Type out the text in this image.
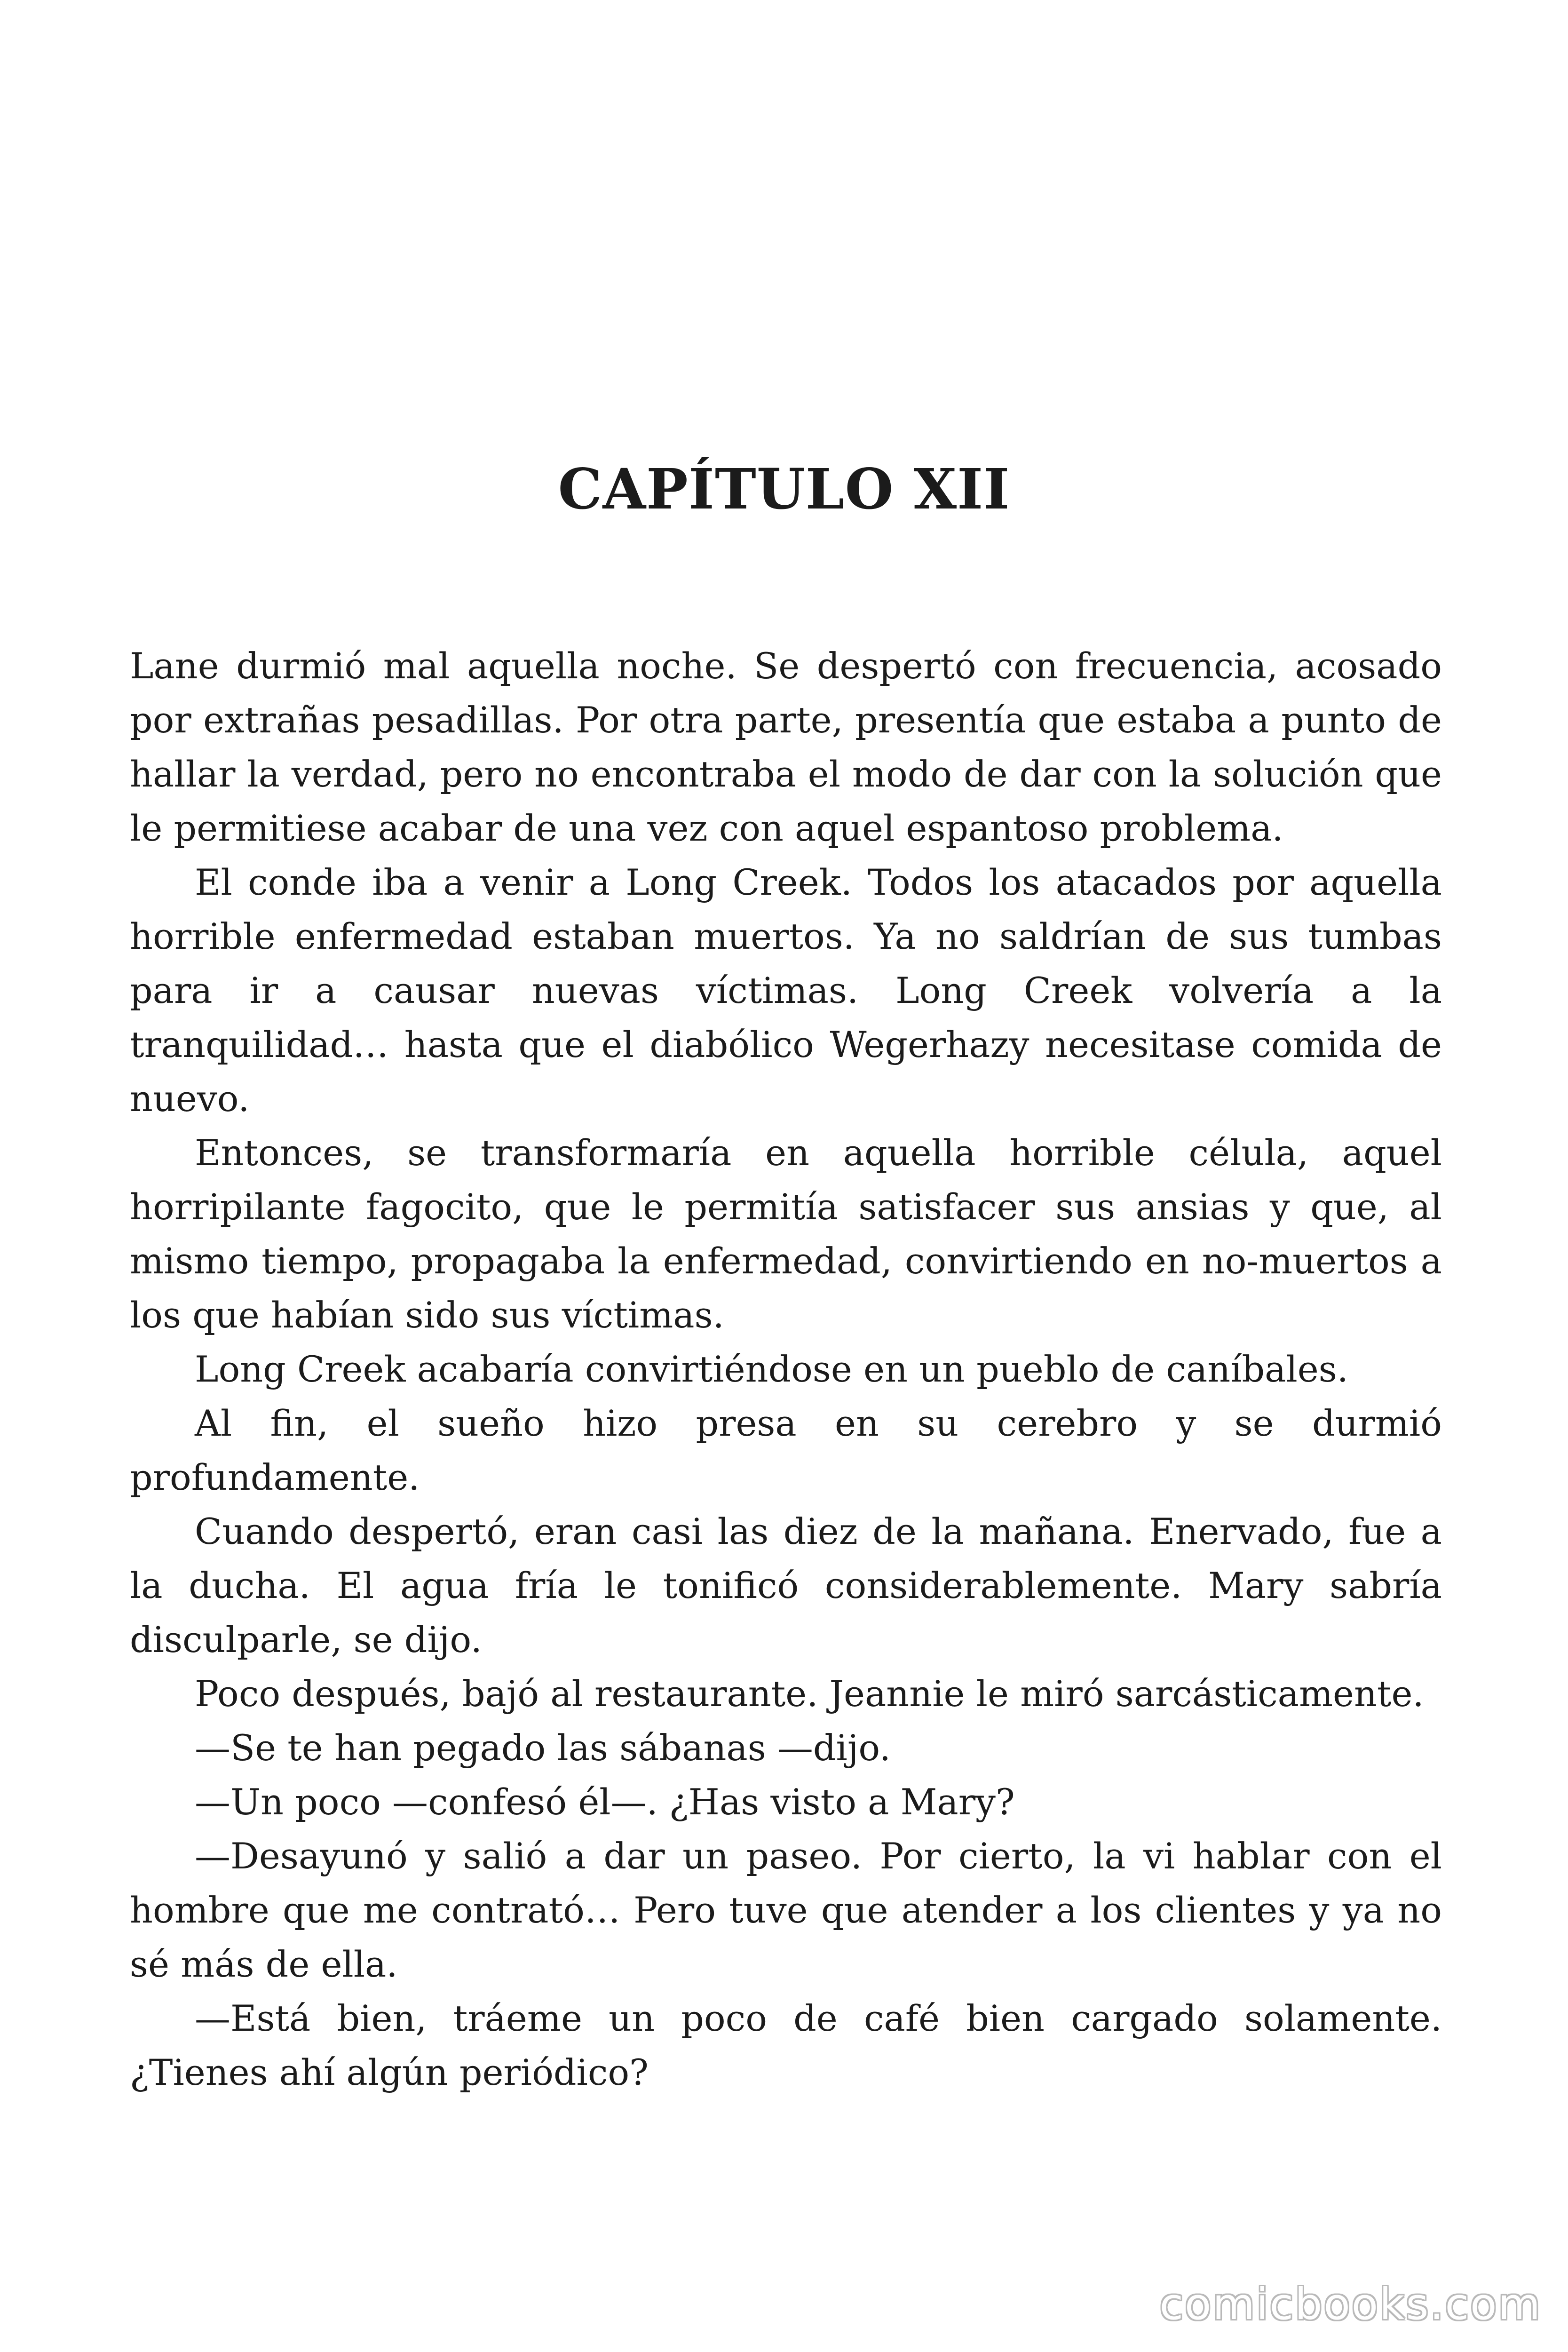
CAPÍTULO XII

Lane durmió mal aquella noche. Se despertó con frecuencia, acosado por extrañas pesadillas. Por otra parte, presentía que estaba a punto de hallar la verdad, pero no encontraba el modo de dar con la solución que le permitiese acabar de una vez con aquel espantoso problema.

El conde iba a venir a Long Creek. Todos los atacados por aquella horrible enfermedad estaban muertos. Ya no saldrían de sus tumbas para ir a causar nuevas víctimas. Long Creek volvería a la tranquilidad… hasta que el diabólico Wegerhazy necesitase comida de nuevo.

Entonces, se transformaría en aquella horrible célula, aquel horripilante fagocito, que le permitía satisfacer sus ansias y que, al mismo tiempo, propagaba la enfermedad, convirtiendo en no-muertos a los que habían sido sus víctimas.

Long Creek acabaría convirtiéndose en un pueblo de caníbales.

Al fin, el sueño hizo presa en su cerebro y se durmió profundamente.

Cuando despertó, eran casi las diez de la mañana. Enervado, fue a la ducha. El agua fría le tonificó considerablemente. Mary sabría disculparle, se dijo.

Poco después, bajó al restaurante. Jeannie le miró sarcásticamente.

—Se te han pegado las sábanas —dijo.

—Un poco —confesó él—. ¿Has visto a Mary?

—Desayunó y salió a dar un paseo. Por cierto, la vi hablar con el hombre que me contrató… Pero tuve que atender a los clientes y ya no sé más de ella.

—Está bien, tráeme un poco de café bien cargado solamente. ¿Tienes ahí algún periódico?

comicbooks.com
